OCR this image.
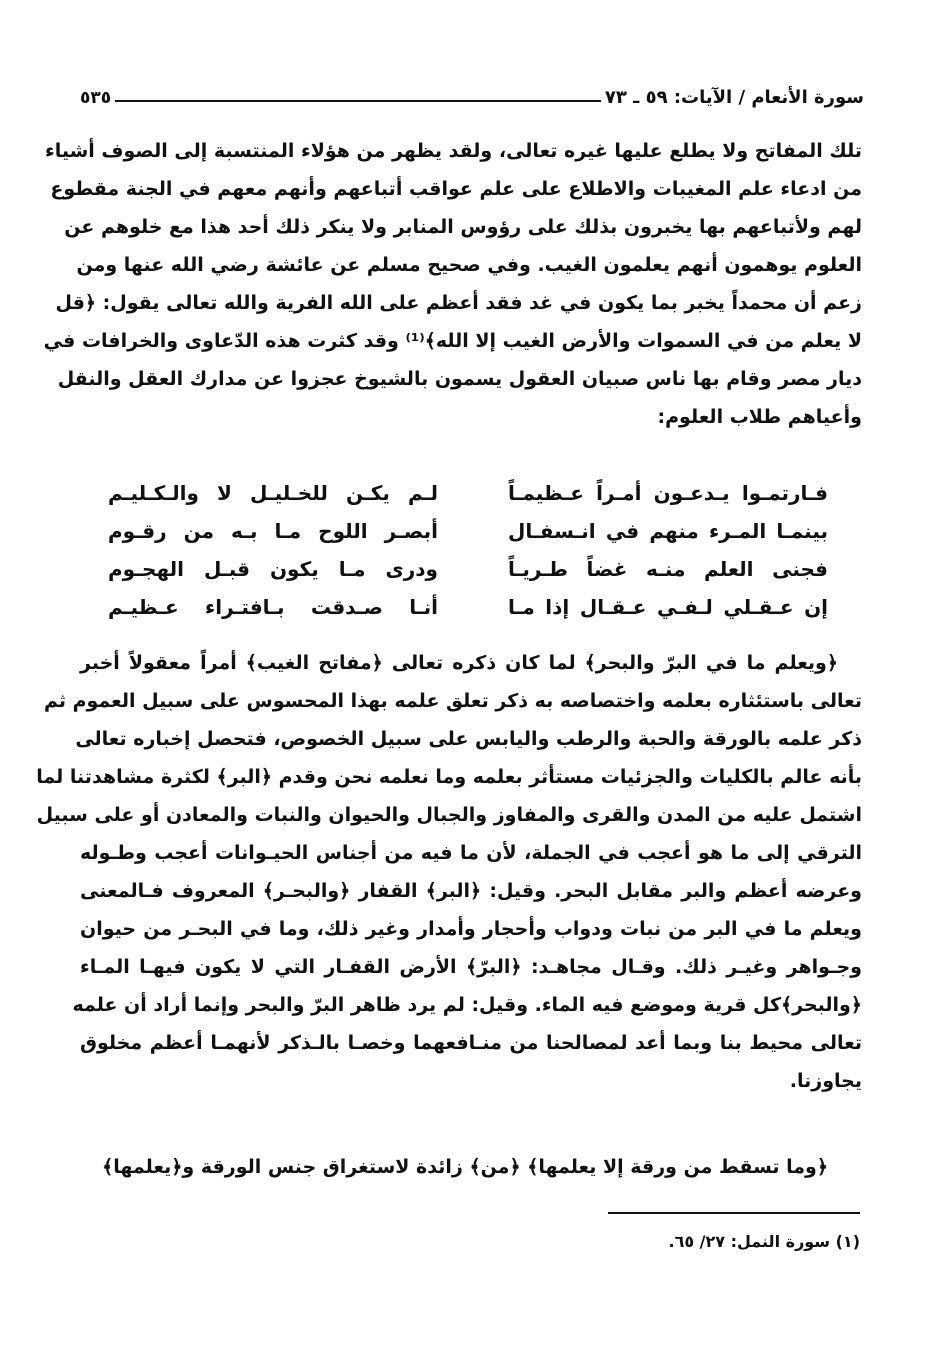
سورة الأنعام / الآيات: ٥٩ ـ ٧٣
٥٣٥
تلك المفاتح ولا يطلع عليها غيره تعالى، ولقد يظهر من هؤلاء المنتسبة إلى الصوف أشياء
من ادعاء علم المغيبات والاطلاع على علم عواقب أتباعهم وأنهم معهم في الجنة مقطوع
لهم ولأتباعهم بها يخبرون بذلك على رؤوس المنابر ولا ينكر ذلك أحد هذا مع خلوهم عن
العلوم يوهمون أنهم يعلمون الغيب. وفي صحيح مسلم عن عائشة رضي الله عنها ومن
زعم أن محمداً يخبر بما يكون في غد فقد أعظم على الله الفرية والله تعالى يقول: ﴿قل
لا يعلم من في السموات والأرض الغيب إلا الله﴾⁽¹⁾ وقد كثرت هذه الدّعاوى والخرافات في
ديار مصر وقام بها ناس صبيان العقول يسمون بالشيوخ عجزوا عن مدارك العقل والنقل
وأعياهم طلاب العلوم:
فـارتمـوا يـدعـون أمـراً عـظيمـاً
لـم يكـن للخـليـل لا والـكـليـم
بينمـا المـرء منهم في انـسفـال
أبصـر اللوح مـا بـه من رقـوم
فجنى العلم منـه غضاً طـريـاً
ودرى مـا يكون قبـل الهجـوم
إن عـقـلي لـفـي عـقـال إذا مـا
أنـا صـدقت بـافتـراء عـظيـم
﴿ويعلم ما في البرّ والبحر﴾ لما كان ذكره تعالى ﴿مفاتح الغيب﴾ أمراً معقولاً أخبر
تعالى باستئثاره بعلمه واختصاصه به ذكر تعلق علمه بهذا المحسوس على سبيل العموم ثم
ذكر علمه بالورقة والحبة والرطب واليابس على سبيل الخصوص، فتحصل إخباره تعالى
بأنه عالم بالكليات والجزئيات مستأثر بعلمه وما نعلمه نحن وقدم ﴿البر﴾ لكثرة مشاهدتنا لما
اشتمل عليه من المدن والقرى والمفاوز والجبال والحيوان والنبات والمعادن أو على سبيل
الترقي إلى ما هو أعجب في الجملة، لأن ما فيه من أجناس الحيـوانات أعجب وطـوله
وعرضه أعظم والبر مقابل البحر. وقيل: ﴿البر﴾ القفار ﴿والبحـر﴾ المعروف فـالمعنى
ويعلم ما في البر من نبات ودواب وأحجار وأمدار وغير ذلك، وما في البحـر من حيوان
وجـواهر وغيـر ذلك. وقـال مجاهـد: ﴿البرّ﴾ الأرض القفـار التي لا يكون فيهـا المـاء
﴿والبحر﴾كل قرية وموضع فيه الماء. وقيل: لم يرد ظاهر البرّ والبحر وإنما أراد أن علمه
تعالى محيط بنا وبما أعد لمصالحنا من منـافعهما وخصـا بالـذكر لأنهمـا أعظم مخلوق
يجاوزنا.
﴿وما تسقط من ورقة إلا يعلمها﴾ ﴿من﴾ زائدة لاستغراق جنس الورقة و﴿يعلمها﴾
(١) سورة النمل: ٢٧/ ٦٥.
